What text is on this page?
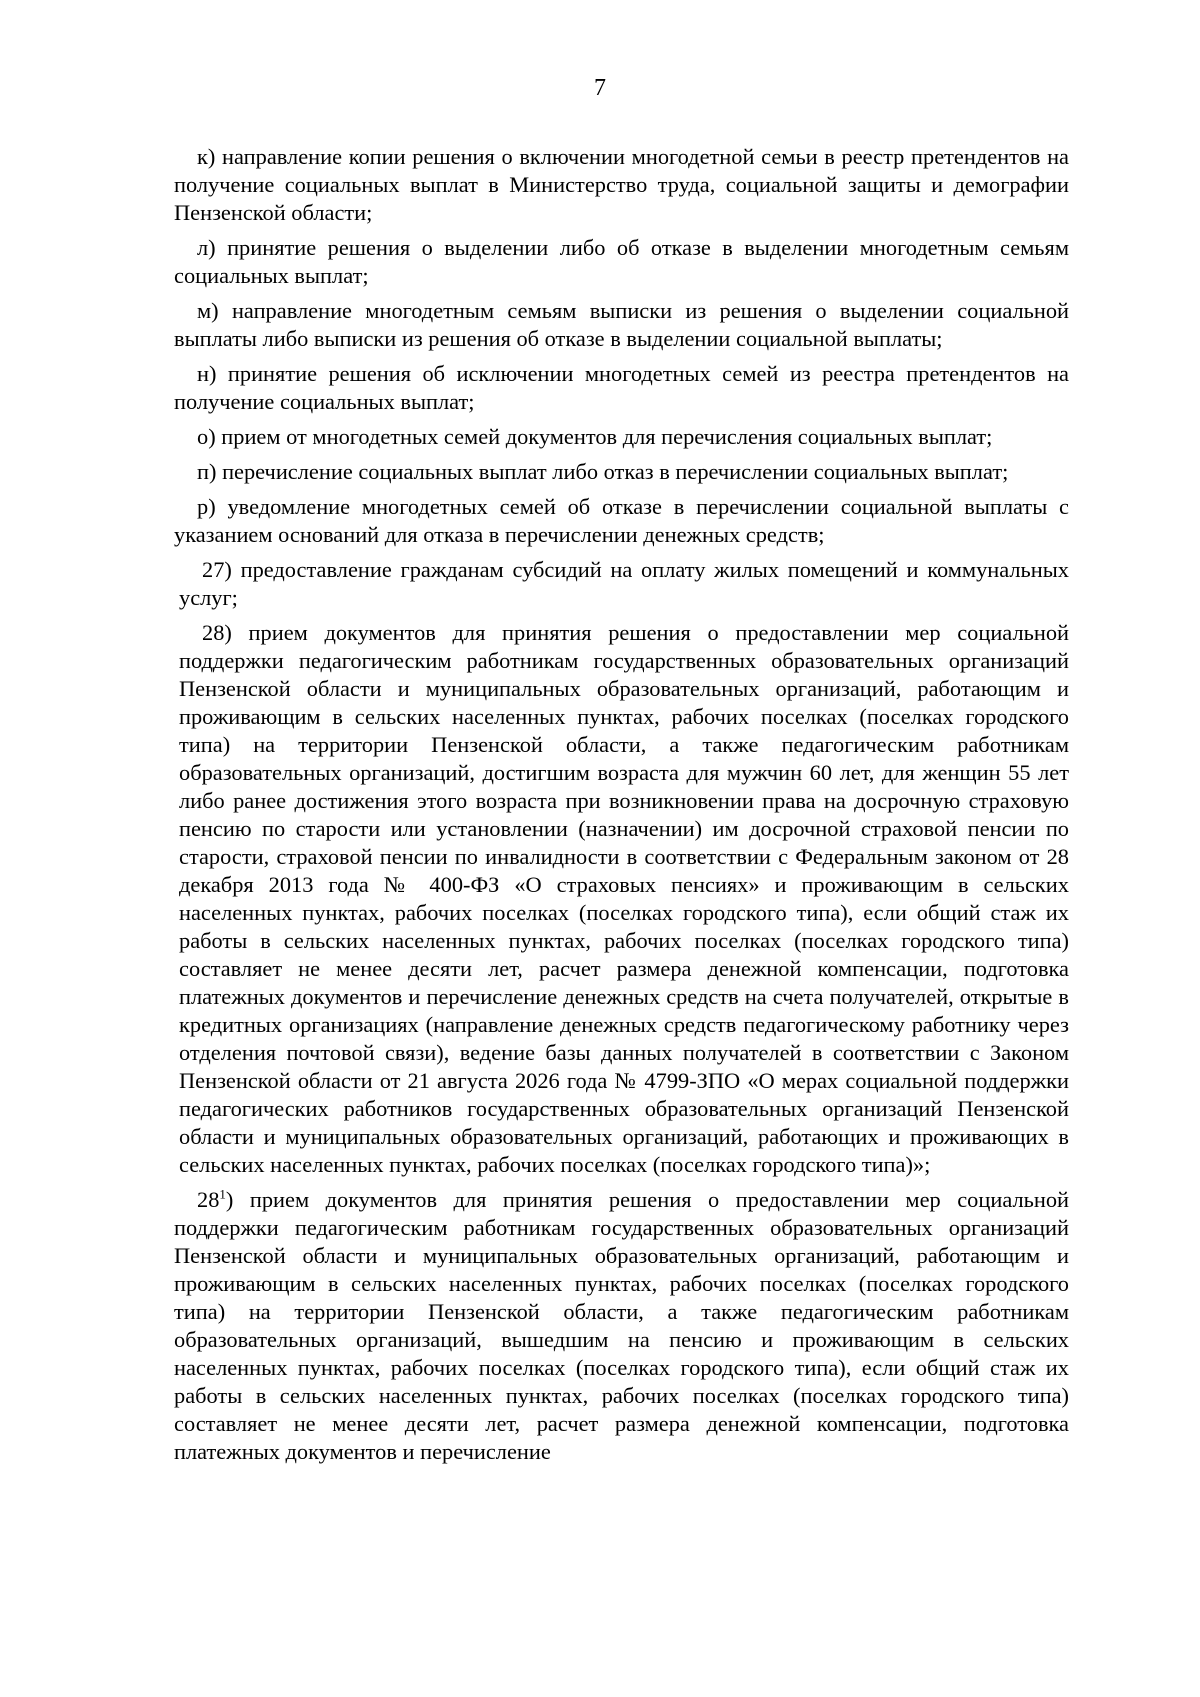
7

к) направление копии решения о включении многодетной семьи в реестр претендентов на получение социальных выплат в Министерство труда, социальной защиты и демографии Пензенской области;

л) принятие решения о выделении либо об отказе в выделении многодетным семьям социальных выплат;

м) направление многодетным семьям выписки из решения о выделении социальной выплаты либо выписки из решения об отказе в выделении социальной выплаты;

н) принятие решения об исключении многодетных семей из реестра претендентов на получение социальных выплат;

о) прием от многодетных семей документов для перечисления социальных выплат;

п) перечисление социальных выплат либо отказ в перечислении социальных выплат;

р) уведомление многодетных семей об отказе в перечислении социальной выплаты с указанием оснований для отказа в перечислении денежных средств;

27) предоставление гражданам субсидий на оплату жилых помещений и коммунальных услуг;

28) прием документов для принятия решения о предоставлении мер социальной поддержки педагогическим работникам государственных образовательных организаций Пензенской области и муниципальных образовательных организаций, работающим и проживающим в сельских населенных пунктах, рабочих поселках (поселках городского типа) на территории Пензенской области, а также педагогическим работникам образовательных организаций, достигшим возраста для мужчин 60 лет, для женщин 55 лет либо ранее достижения этого возраста при возникновении права на досрочную страховую пенсию по старости или установлении (назначении) им досрочной страховой пенсии по старости, страховой пенсии по инвалидности в соответствии с Федеральным законом от 28 декабря 2013 года № 400-ФЗ «О страховых пенсиях» и проживающим в сельских населенных пунктах, рабочих поселках (поселках городского типа), если общий стаж их работы в сельских населенных пунктах, рабочих поселках (поселках городского типа) составляет не менее десяти лет, расчет размера денежной компенсации, подготовка платежных документов и перечисление денежных средств на счета получателей, открытые в кредитных организациях (направление денежных средств педагогическому работнику через отделения почтовой связи), ведение базы данных получателей в соответствии с Законом Пензенской области от 21 августа 2026 года № 4799-ЗПО «О мерах социальной поддержки педагогических работников государственных образовательных организаций Пензенской области и муниципальных образовательных организаций, работающих и проживающих в сельских населенных пунктах, рабочих поселках (поселках городского типа)»;

$28^1$) прием документов для принятия решения о предоставлении мер социальной поддержки педагогическим работникам государственных образовательных организаций Пензенской области и муниципальных образовательных организаций, работающим и проживающим в сельских населенных пунктах, рабочих поселках (поселках городского типа) на территории Пензенской области, а также педагогическим работникам образовательных организаций, вышедшим на пенсию и проживающим в сельских населенных пунктах, рабочих поселках (поселках городского типа), если общий стаж их работы в сельских населенных пунктах, рабочих поселках (поселках городского типа) составляет не менее десяти лет, расчет размера денежной компенсации, подготовка платежных документов и перечисление
